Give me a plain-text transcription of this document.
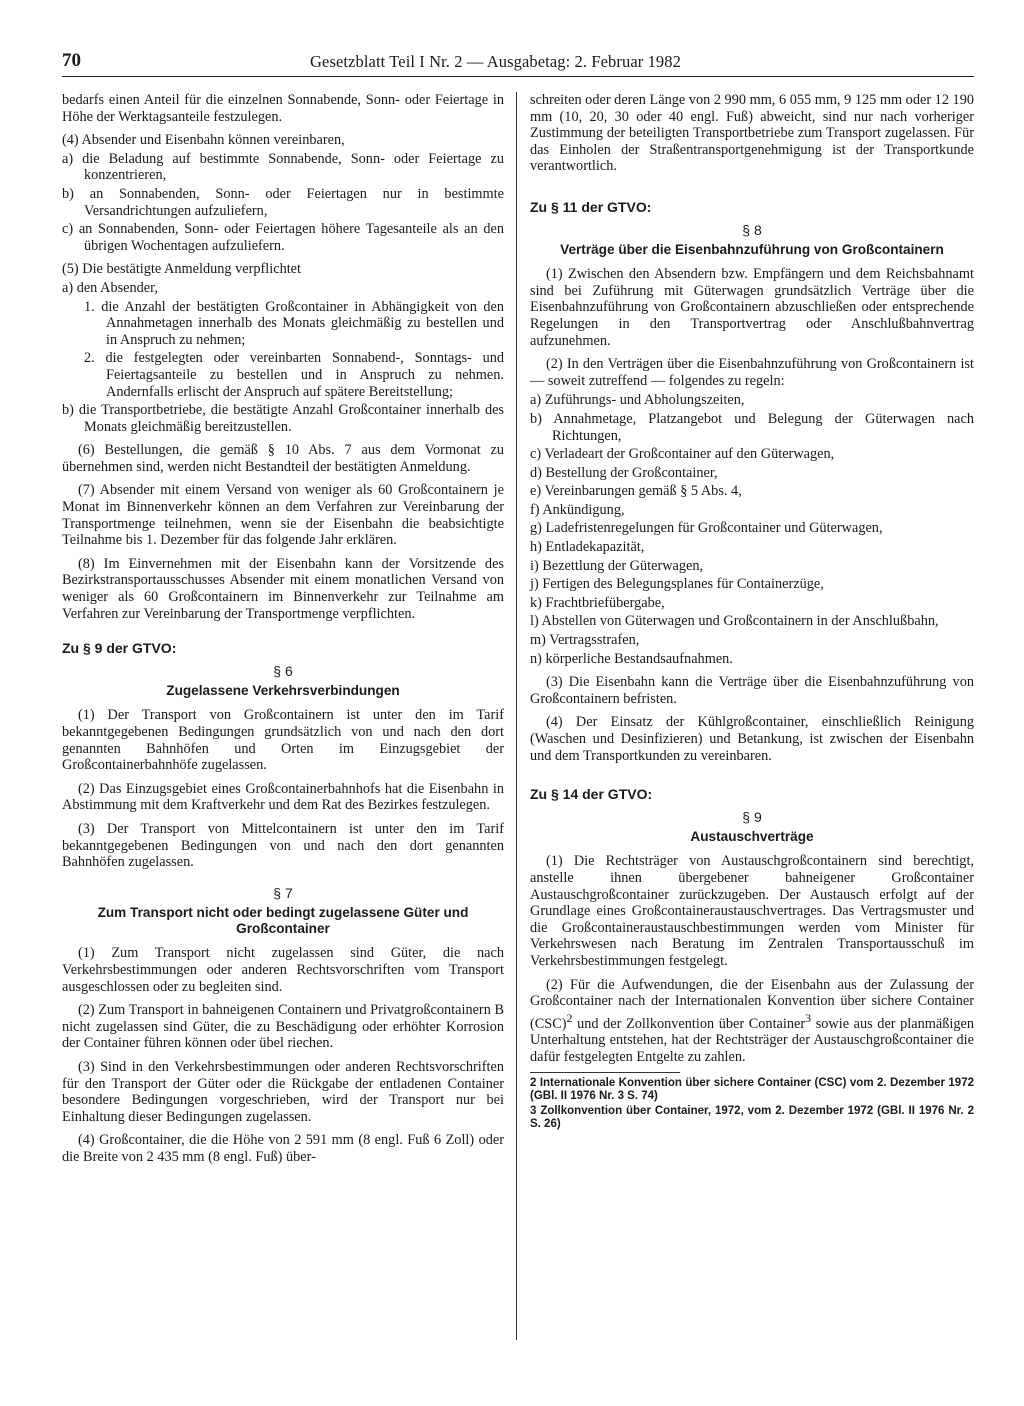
70	Gesetzblatt Teil I Nr. 2 — Ausgabetag: 2. Februar 1982

bedarfs einen Anteil für die einzelnen Sonnabende, Sonn- oder Feiertage in Höhe der Werktagsanteile festzulegen.

(4) Absender und Eisenbahn können vereinbaren,

a) die Beladung auf bestimmte Sonnabende, Sonn- oder Feiertage zu konzentrieren,
b) an Sonnabenden, Sonn- oder Feiertagen nur in bestimmte Versandrichtungen aufzuliefern,
c) an Sonnabenden, Sonn- oder Feiertagen höhere Tagesanteile als an den übrigen Wochentagen aufzuliefern.

(5) Die bestätigte Anmeldung verpflichtet

a) den Absender,
1. die Anzahl der bestätigten Großcontainer in Abhängigkeit von den Annahmetagen innerhalb des Monats gleichmäßig zu bestellen und in Anspruch zu nehmen;
2. die festgelegten oder vereinbarten Sonnabend-, Sonntags- und Feiertagsanteile zu bestellen und in Anspruch zu nehmen. Andernfalls erlischt der Anspruch auf spätere Bereitstellung;
b) die Transportbetriebe, die bestätigte Anzahl Großcontainer innerhalb des Monats gleichmäßig bereitzustellen.

(6) Bestellungen, die gemäß § 10 Abs. 7 aus dem Vormonat zu übernehmen sind, werden nicht Bestandteil der bestätigten Anmeldung.

(7) Absender mit einem Versand von weniger als 60 Großcontainern je Monat im Binnenverkehr können an dem Verfahren zur Vereinbarung der Transportmenge teilnehmen, wenn sie der Eisenbahn die beabsichtigte Teilnahme bis 1. Dezember für das folgende Jahr erklären.

(8) Im Einvernehmen mit der Eisenbahn kann der Vorsitzende des Bezirkstransportausschusses Absender mit einem monatlichen Versand von weniger als 60 Großcontainern im Binnenverkehr zur Teilnahme am Verfahren zur Vereinbarung der Transportmenge verpflichten.

Zu § 9 der GTVO:
§ 6
Zugelassene Verkehrsverbindungen

(1) Der Transport von Großcontainern ist unter den im Tarif bekanntgegebenen Bedingungen grundsätzlich von und nach den dort genannten Bahnhöfen und Orten im Einzugsgebiet der Großcontainerbahnhöfe zugelassen.

(2) Das Einzugsgebiet eines Großcontainerbahnhofs hat die Eisenbahn in Abstimmung mit dem Kraftverkehr und dem Rat des Bezirkes festzulegen.

(3) Der Transport von Mittelcontainern ist unter den im Tarif bekanntgegebenen Bedingungen von und nach den dort genannten Bahnhöfen zugelassen.

§ 7
Zum Transport nicht oder bedingt zugelassene Güter und Großcontainer

(1) Zum Transport nicht zugelassen sind Güter, die nach Verkehrsbestimmungen oder anderen Rechtsvorschriften vom Transport ausgeschlossen oder zu begleiten sind.

(2) Zum Transport in bahneigenen Containern und Privatgroßcontainern B nicht zugelassen sind Güter, die zu Beschädigung oder erhöhter Korrosion der Container führen können oder übel riechen.

(3) Sind in den Verkehrsbestimmungen oder anderen Rechtsvorschriften für den Transport der Güter oder die Rückgabe der entladenen Container besondere Bedingungen vorgeschrieben, wird der Transport nur bei Einhaltung dieser Bedingungen zugelassen.

(4) Großcontainer, die die Höhe von 2 591 mm (8 engl. Fuß 6 Zoll) oder die Breite von 2 435 mm (8 engl. Fuß) über-

schreiten oder deren Länge von 2 990 mm, 6 055 mm, 9 125 mm oder 12 190 mm (10, 20, 30 oder 40 engl. Fuß) abweicht, sind nur nach vorheriger Zustimmung der beteiligten Transportbetriebe zum Transport zugelassen. Für das Einholen der Straßentransportgenehmigung ist der Transportkunde verantwortlich.

Zu § 11 der GTVO:
§ 8
Verträge über die Eisenbahnzuführung von Großcontainern

(1) Zwischen den Absendern bzw. Empfängern und dem Reichsbahnamt sind bei Zuführung mit Güterwagen grundsätzlich Verträge über die Eisenbahnzuführung von Großcontainern abzuschließen oder entsprechende Regelungen in den Transportvertrag oder Anschlußbahnvertrag aufzunehmen.

(2) In den Verträgen über die Eisenbahnzuführung von Großcontainern ist — soweit zutreffend — folgendes zu regeln:

a) Zuführungs- und Abholungszeiten,
b) Annahmetage, Platzangebot und Belegung der Güterwagen nach Richtungen,
c) Verladeart der Großcontainer auf den Güterwagen,
d) Bestellung der Großcontainer,
e) Vereinbarungen gemäß § 5 Abs. 4,
f) Ankündigung,
g) Ladefristenregelungen für Großcontainer und Güterwagen,
h) Entladekapazität,
i) Bezettlung der Güterwagen,
j) Fertigen des Belegungsplanes für Containerzüge,
k) Frachtbriefübergabe,
l) Abstellen von Güterwagen und Großcontainern in der Anschlußbahn,
m) Vertragsstrafen,
n) körperliche Bestandsaufnahmen.

(3) Die Eisenbahn kann die Verträge über die Eisenbahnzuführung von Großcontainern befristen.

(4) Der Einsatz der Kühlgroßcontainer, einschließlich Reinigung (Waschen und Desinfizieren) und Betankung, ist zwischen der Eisenbahn und dem Transportkunden zu vereinbaren.

Zu § 14 der GTVO:
§ 9
Austauschverträge

(1) Die Rechtsträger von Austauschgroßcontainern sind berechtigt, anstelle ihnen übergebener bahneigener Großcontainer Austauschgroßcontainer zurückzugeben. Der Austausch erfolgt auf der Grundlage eines Großcontaineraustauschvertrages. Das Vertragsmuster und die Großcontaineraustauschbestimmungen werden vom Minister für Verkehrswesen nach Beratung im Zentralen Transportausschuß im Verkehrsbestimmungen festgelegt.

(2) Für die Aufwendungen, die der Eisenbahn aus der Zulassung der Großcontainer nach der Internationalen Konvention über sichere Container (CSC)$^2$ und der Zollkonvention über Container$^3$ sowie aus der planmäßigen Unterhaltung entstehen, hat der Rechtsträger der Austauschgroßcontainer die dafür festgelegten Entgelte zu zahlen.

2 Internationale Konvention über sichere Container (CSC) vom 2. Dezember 1972 (GBl. II 1976 Nr. 3 S. 74)

3 Zollkonvention über Container, 1972, vom 2. Dezember 1972 (GBl. II 1976 Nr. 2 S. 26)
